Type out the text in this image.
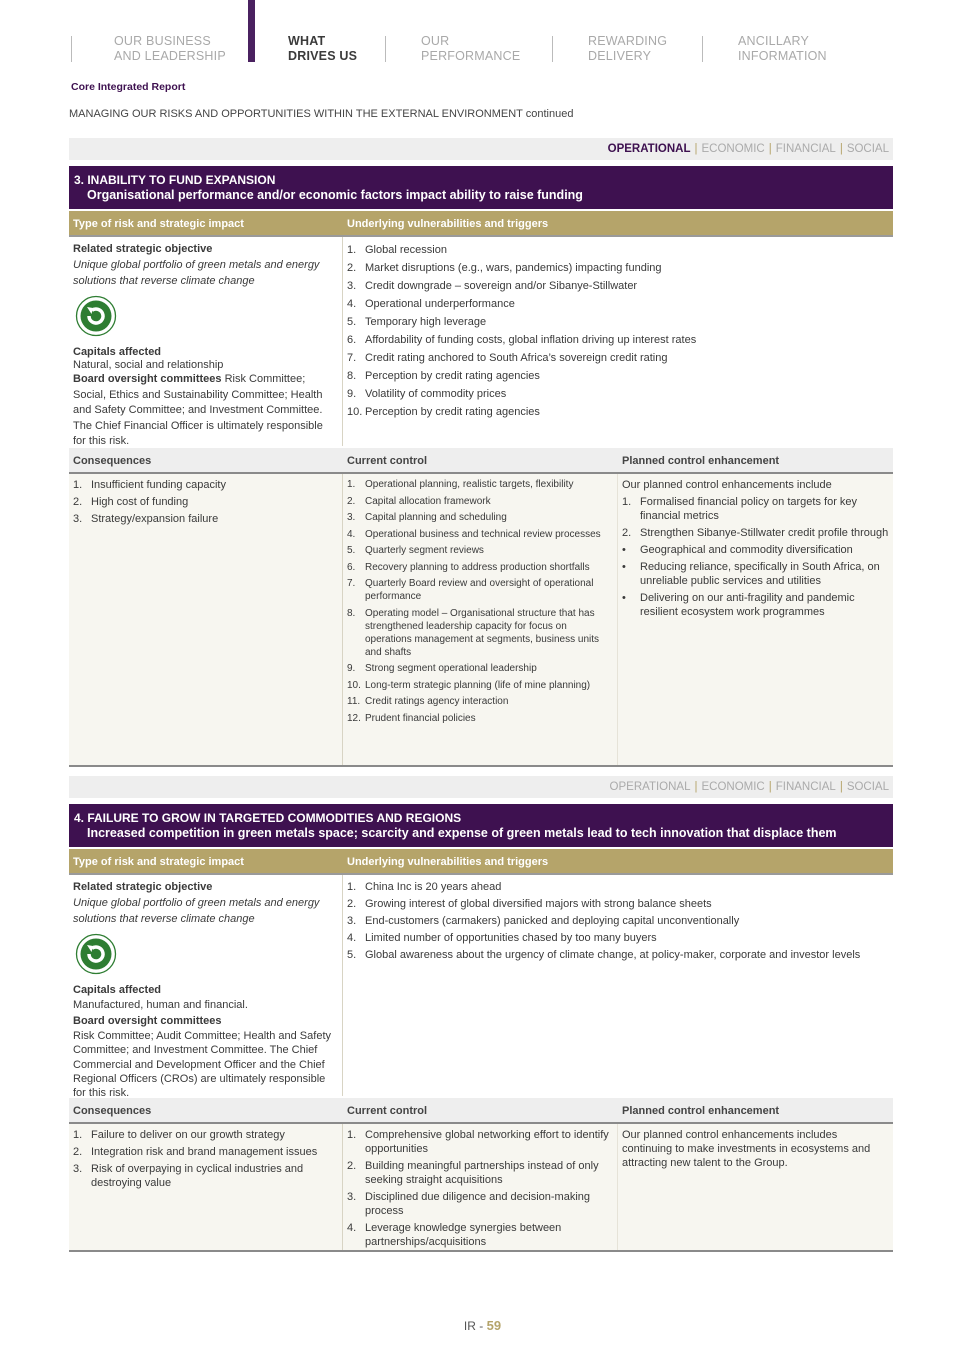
OUR BUSINESS
AND LEADERSHIP
WHAT
DRIVES US
OUR
PERFORMANCE
REWARDING
DELIVERY
ANCILLARY
INFORMATION
Core Integrated Report
MANAGING OUR RISKS AND OPPORTUNITIES WITHIN THE EXTERNAL ENVIRONMENT continued
OPERATIONAL | ECONOMIC | FINANCIAL | SOCIAL
3. INABILITY TO FUND EXPANSION
Organisational performance and/or economic factors impact ability to raise funding
Type of risk and strategic impact	Underlying vulnerabilities and triggers
Related strategic objective
Unique global portfolio of green metals and energy solutions that reverse climate change
Capitals affected
Natural, social and relationship
Board oversight committees Risk Committee; Social, Ethics and Sustainability Committee; Health and Safety Committee; and Investment Committee. The Chief Financial Officer is ultimately responsible for this risk.
1. Global recession
2. Market disruptions (e.g., wars, pandemics) impacting funding
3. Credit downgrade – sovereign and/or Sibanye-Stillwater
4. Operational underperformance
5. Temporary high leverage
6. Affordability of funding costs, global inflation driving up interest rates
7. Credit rating anchored to South Africa’s sovereign credit rating
8. Perception by credit rating agencies
9. Volatility of commodity prices
10. Perception by credit rating agencies
Consequences	Current control	Planned control enhancement
1. Insufficient funding capacity
2. High cost of funding
3. Strategy/expansion failure
1. Operational planning, realistic targets, flexibility
2. Capital allocation framework
3. Capital planning and scheduling
4. Operational business and technical review processes
5. Quarterly segment reviews
6. Recovery planning to address production shortfalls
7. Quarterly Board review and oversight of operational performance
8. Operating model – Organisational structure that has strengthened leadership capacity for focus on operations management at segments, business units and shafts
9. Strong segment operational leadership
10. Long-term strategic planning (life of mine planning)
11. Credit ratings agency interaction
12. Prudent financial policies
Our planned control enhancements include
1. Formalised financial policy on targets for key financial metrics
2. Strengthen Sibanye-Stillwater credit profile through
•	Geographical and commodity diversification
•	Reducing reliance, specifically in South Africa, on unreliable public services and utilities
•	Delivering on our anti-fragility and pandemic resilient ecosystem work programmes
OPERATIONAL | ECONOMIC | FINANCIAL | SOCIAL
4. FAILURE TO GROW IN TARGETED COMMODITIES AND REGIONS
Increased competition in green metals space; scarcity and expense of green metals lead to tech innovation that displace them
Type of risk and strategic impact	Underlying vulnerabilities and triggers
Related strategic objective
Unique global portfolio of green metals and energy solutions that reverse climate change
Capitals affected
Manufactured, human and financial.
Board oversight committees
Risk Committee; Audit Committee; Health and Safety Committee; and Investment Committee. The Chief Commercial and Development Officer and the Chief Regional Officers (CROs) are ultimately responsible for this risk.
1. China Inc is 20 years ahead
2. Growing interest of global diversified majors with strong balance sheets
3. End-customers (carmakers) panicked and deploying capital unconventionally
4. Limited number of opportunities chased by too many buyers
5. Global awareness about the urgency of climate change, at policy-maker, corporate and investor levels
Consequences	Current control	Planned control enhancement
1. Failure to deliver on our growth strategy
2. Integration risk and brand management issues
3. Risk of overpaying in cyclical industries and destroying value
1. Comprehensive global networking effort to identify opportunities
2. Building meaningful partnerships instead of only seeking straight acquisitions
3. Disciplined due diligence and decision-making process
4. Leverage knowledge synergies between partnerships/acquisitions
Our planned control enhancements includes continuing to make investments in ecosystems and attracting new talent to the Group.
IR - 59
